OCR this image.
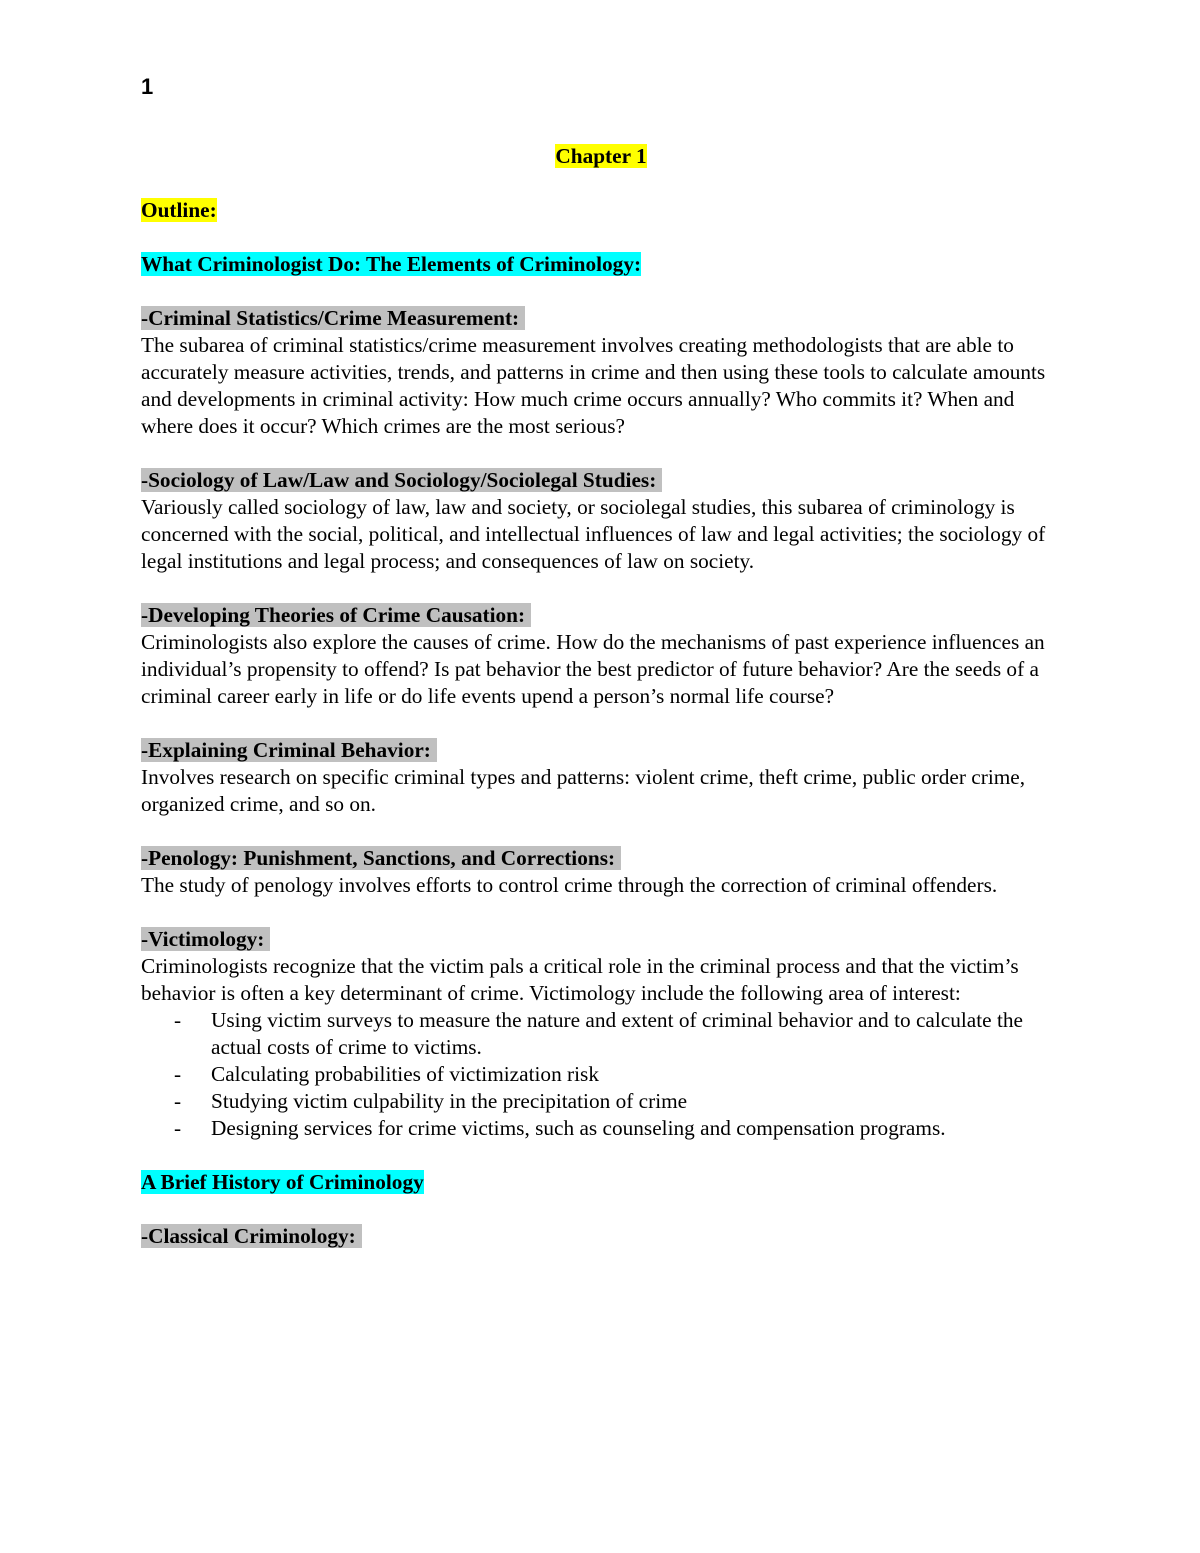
1

Chapter 1

Outline:

What Criminologist Do: The Elements of Criminology:

-Criminal Statistics/Crime Measurement:

The subarea of criminal statistics/crime measurement involves creating methodologists that are able to accurately measure activities, trends, and patterns in crime and then using these tools to calculate amounts and developments in criminal activity: How much crime occurs annually? Who commits it? When and where does it occur? Which crimes are the most serious?

-Sociology of Law/Law and Sociology/Sociolegal Studies:

Variously called sociology of law, law and society, or sociolegal studies, this subarea of criminology is concerned with the social, political, and intellectual influences of law and legal activities; the sociology of legal institutions and legal process; and consequences of law on society.

-Developing Theories of Crime Causation:

Criminologists also explore the causes of crime. How do the mechanisms of past experience influences an individual’s propensity to offend? Is pat behavior the best predictor of future behavior? Are the seeds of a criminal career early in life or do life events upend a person’s normal life course?

-Explaining Criminal Behavior:

Involves research on specific criminal types and patterns: violent crime, theft crime, public order crime, organized crime, and so on.

-Penology: Punishment, Sanctions, and Corrections:

The study of penology involves efforts to control crime through the correction of criminal offenders.

-Victimology:

Criminologists recognize that the victim pals a critical role in the criminal process and that the victim’s behavior is often a key determinant of crime. Victimology include the following area of interest:

- Using victim surveys to measure the nature and extent of criminal behavior and to calculate the actual costs of crime to victims.
- Calculating probabilities of victimization risk
- Studying victim culpability in the precipitation of crime
- Designing services for crime victims, such as counseling and compensation programs.

A Brief History of Criminology

-Classical Criminology:
